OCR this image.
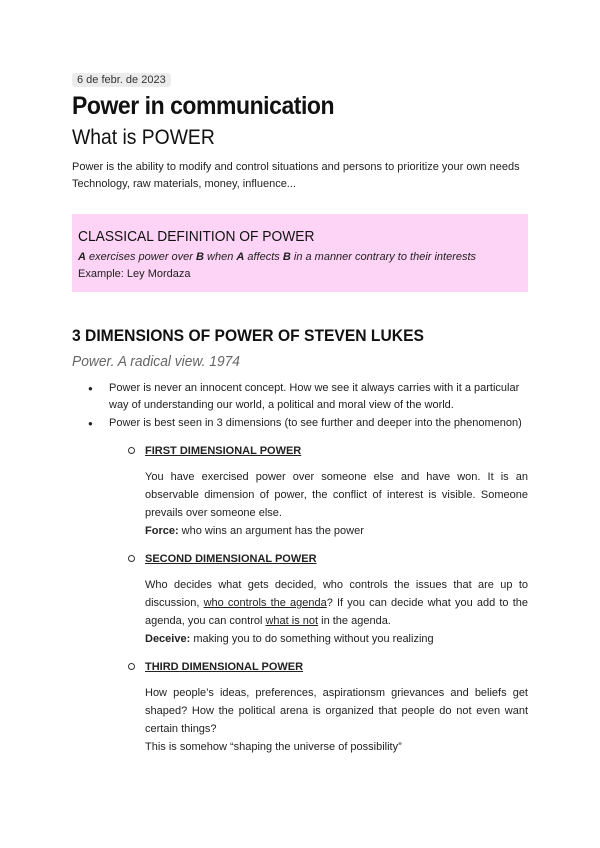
6 de febr. de 2023
Power in communication
What is POWER

Power is the ability to modify and control situations and persons to prioritize your own needs

Technology, raw materials, money, influence...

CLASSICAL DEFINITION OF POWER

A exercises power over B when A affects B in a manner contrary to their interests

Example: Ley Mordaza

3 DIMENSIONS OF POWER OF STEVEN LUKES
Power. A radical view. 1974
● Power is never an innocent concept. How we see it always carries with it a particular way of understanding our world, a political and moral view of the world.
● Power is best seen in 3 dimensions (to see further and deeper into the phenomenon)
FIRST DIMENSIONAL POWER
You have exercised power over someone else and have won. It is an observable dimension of power, the conflict of interest is visible. Someone prevails over someone else.
Force: who wins an argument has the power
SECOND DIMENSIONAL POWER
Who decides what gets decided, who controls the issues that are up to discussion, who controls the agenda? If you can decide what you add to the agenda, you can control what is not in the agenda.
Deceive: making you to do something without you realizing
THIRD DIMENSIONAL POWER
How people’s ideas, preferences, aspirationsm grievances and beliefs get shaped? How the political arena is organized that people do not even want certain things?
This is somehow “shaping the universe of possibility”
